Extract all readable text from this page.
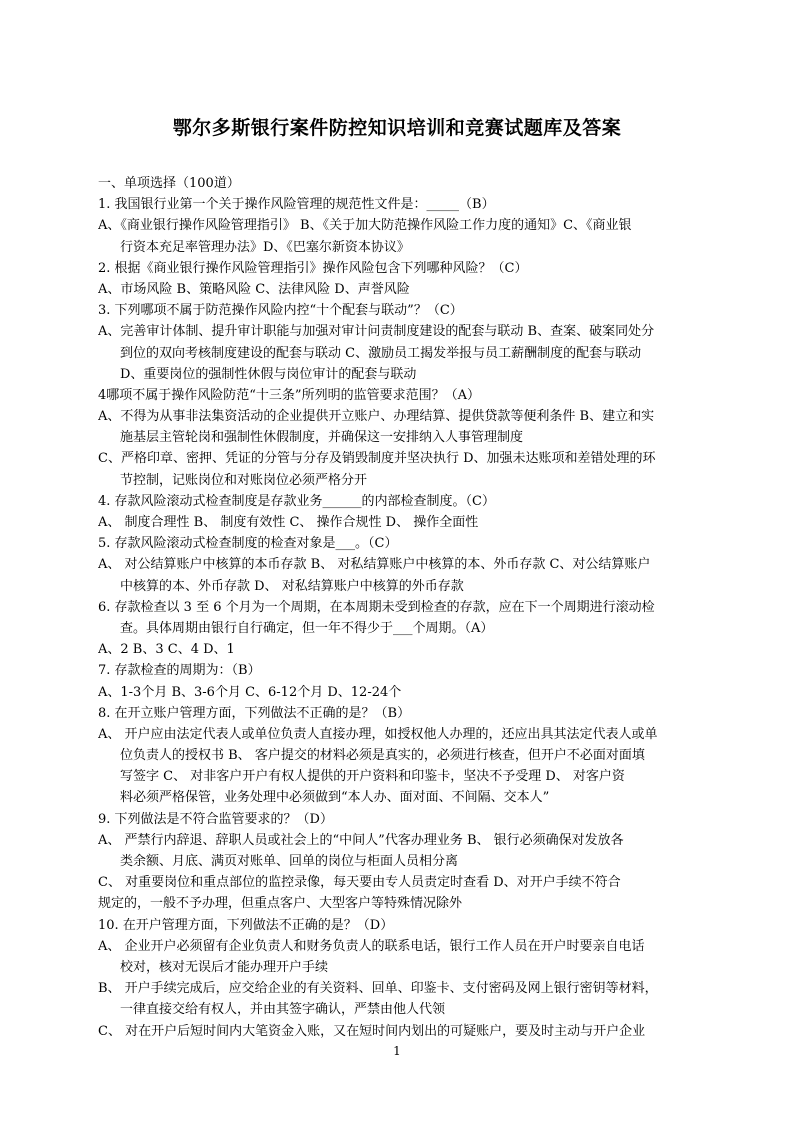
鄂尔多斯银行案件防控知识培训和竞赛试题库及答案
一、单项选择（100道）
1. 我国银行业第一个关于操作风险管理的规范性文件是：_____（B）
A、《商业银行操作风险管理指引》 B、《关于加大防范操作风险工作力度的通知》C、《商业银
行资本充足率管理办法》D、《巴塞尔新资本协议》
2. 根据《商业银行操作风险管理指引》操作风险包含下列哪种风险？（C）
A、市场风险 B、策略风险 C、法律风险 D、声誉风险
3. 下列哪项不属于防范操作风险内控“十个配套与联动”？（C）
A、完善审计体制、提升审计职能与加强对审计问责制度建设的配套与联动 B、查案、破案同处分
到位的双向考核制度建设的配套与联动 C、激励员工揭发举报与员工薪酬制度的配套与联动
D、重要岗位的强制性休假与岗位审计的配套与联动
4哪项不属于操作风险防范“十三条”所列明的监管要求范围？（A）
A、不得为从事非法集资活动的企业提供开立账户、办理结算、提供贷款等便利条件 B、建立和实
施基层主管轮岗和强制性休假制度，并确保这一安排纳入人事管理制度
C、严格印章、密押、凭证的分管与分存及销毁制度并坚决执行 D、加强未达账项和差错处理的环
节控制，记账岗位和对账岗位必须严格分开
4. 存款风险滚动式检查制度是存款业务______的内部检查制度。（C）
A、 制度合理性 B、 制度有效性 C、 操作合规性 D、 操作全面性
5. 存款风险滚动式检查制度的检查对象是___。（C）
A、 对公结算账户中核算的本币存款 B、 对私结算账户中核算的本、外币存款 C、对公结算账户
中核算的本、外币存款 D、 对私结算账户中核算的外币存款
6. 存款检查以 3 至 6 个月为一个周期，在本周期未受到检查的存款，应在下一个周期进行滚动检
查。具体周期由银行自行确定，但一年不得少于___个周期。（A）
A、2 B、3 C、4 D、1
7. 存款检查的周期为：（B）
A、1-3个月 B、3-6个月 C、6-12个月 D、12-24个
8. 在开立账户管理方面，下列做法不正确的是？（B）
A、 开户应由法定代表人或单位负责人直接办理，如授权他人办理的，还应出具其法定代表人或单
位负责人的授权书 B、 客户提交的材料必须是真实的，必须进行核查，但开户不必面对面填
写签字 C、 对非客户开户有权人提供的开户资料和印鉴卡，坚决不予受理 D、 对客户资
料必须严格保管，业务处理中必须做到“本人办、面对面、不间隔、交本人”
9. 下列做法是不符合监管要求的？（D）
A、 严禁行内辞退、辞职人员或社会上的“中间人”代客办理业务 B、 银行必须确保对发放各
类余额、月底、满页对账单、回单的岗位与柜面人员相分离
C、 对重要岗位和重点部位的监控录像，每天要由专人员责定时查看 D、对开户手续不符合
规定的，一般不予办理，但重点客户、大型客户等特殊情况除外
10. 在开户管理方面，下列做法不正确的是？（D）
A、 企业开户必须留有企业负责人和财务负责人的联系电话，银行工作人员在开户时要亲自电话
校对，核对无误后才能办理开户手续
B、 开户手续完成后，应交给企业的有关资料、回单、印鉴卡、支付密码及网上银行密钥等材料，
一律直接交给有权人，并由其签字确认，严禁由他人代领
C、 对在开户后短时间内大笔资金入账，又在短时间内划出的可疑账户，要及时主动与开户企业
1
